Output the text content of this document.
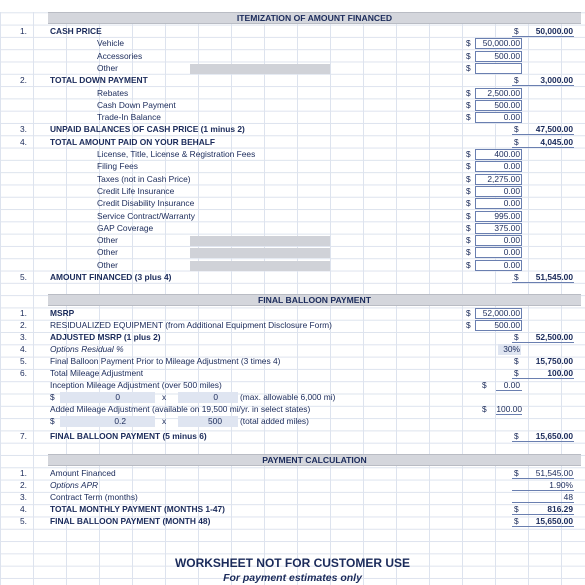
ITEMIZATION OF AMOUNT FINANCED
1.	CASH PRICE	$	50,000.00
Vehicle	$	50,000.00
Accessories	$	500.00
Other	$
2.	TOTAL DOWN PAYMENT	$	3,000.00
Rebates	$	2,500.00
Cash Down Payment	$	500.00
Trade-In Balance	$	0.00
3.	UNPAID BALANCES OF CASH PRICE (1 minus 2)	$	47,500.00
4.	TOTAL AMOUNT PAID ON YOUR BEHALF	$	4,045.00
License, Title, License & Registration Fees	$	400.00
Filing Fees	$	0.00
Taxes (not in Cash Price)	$	2,275.00
Credit Life Insurance	$	0.00
Credit Disability Insurance	$	0.00
Service Contract/Warranty	$	995.00
GAP Coverage	$	375.00
Other	$	0.00
Other	$	0.00
Other	$	0.00
5.	AMOUNT FINANCED (3 plus 4)	$	51,545.00
FINAL BALLOON PAYMENT
1.	MSRP	$	52,000.00
2.	RESIDUALIZED EQUIPMENT (from Additional Equipment Disclosure Form)	$	500.00
3.	ADJUSTED MSRP (1 plus 2)	$	52,500.00
4.	Options Residual %	30%
5.	Final Balloon Payment Prior to Mileage Adjustment (3 times 4)	$	15,750.00
6.	Total Mileage Adjustment	$	100.00
Inception Mileage Adjustment (over 500 miles)	$	0.00
$	0	x	0	(max. allowable 6,000 mi)
Added Mileage Adjustment (available on 19,500 mi/yr. in select states)	$ 100.00
$	0.2	x	500 (total added miles)
7.	FINAL BALLOON PAYMENT (5 minus 6)	$	15,650.00
PAYMENT CALCULATION
1.	Amount Financed	$	51,545.00
2.	Options APR	1.90%
3.	Contract Term (months)	48
4.	TOTAL MONTHLY PAYMENT (MONTHS 1-47)	$	816.29
5.	FINAL BALLOON PAYMENT (MONTH 48)	$	15,650.00
WORKSHEET NOT FOR CUSTOMER USE
For payment estimates only
